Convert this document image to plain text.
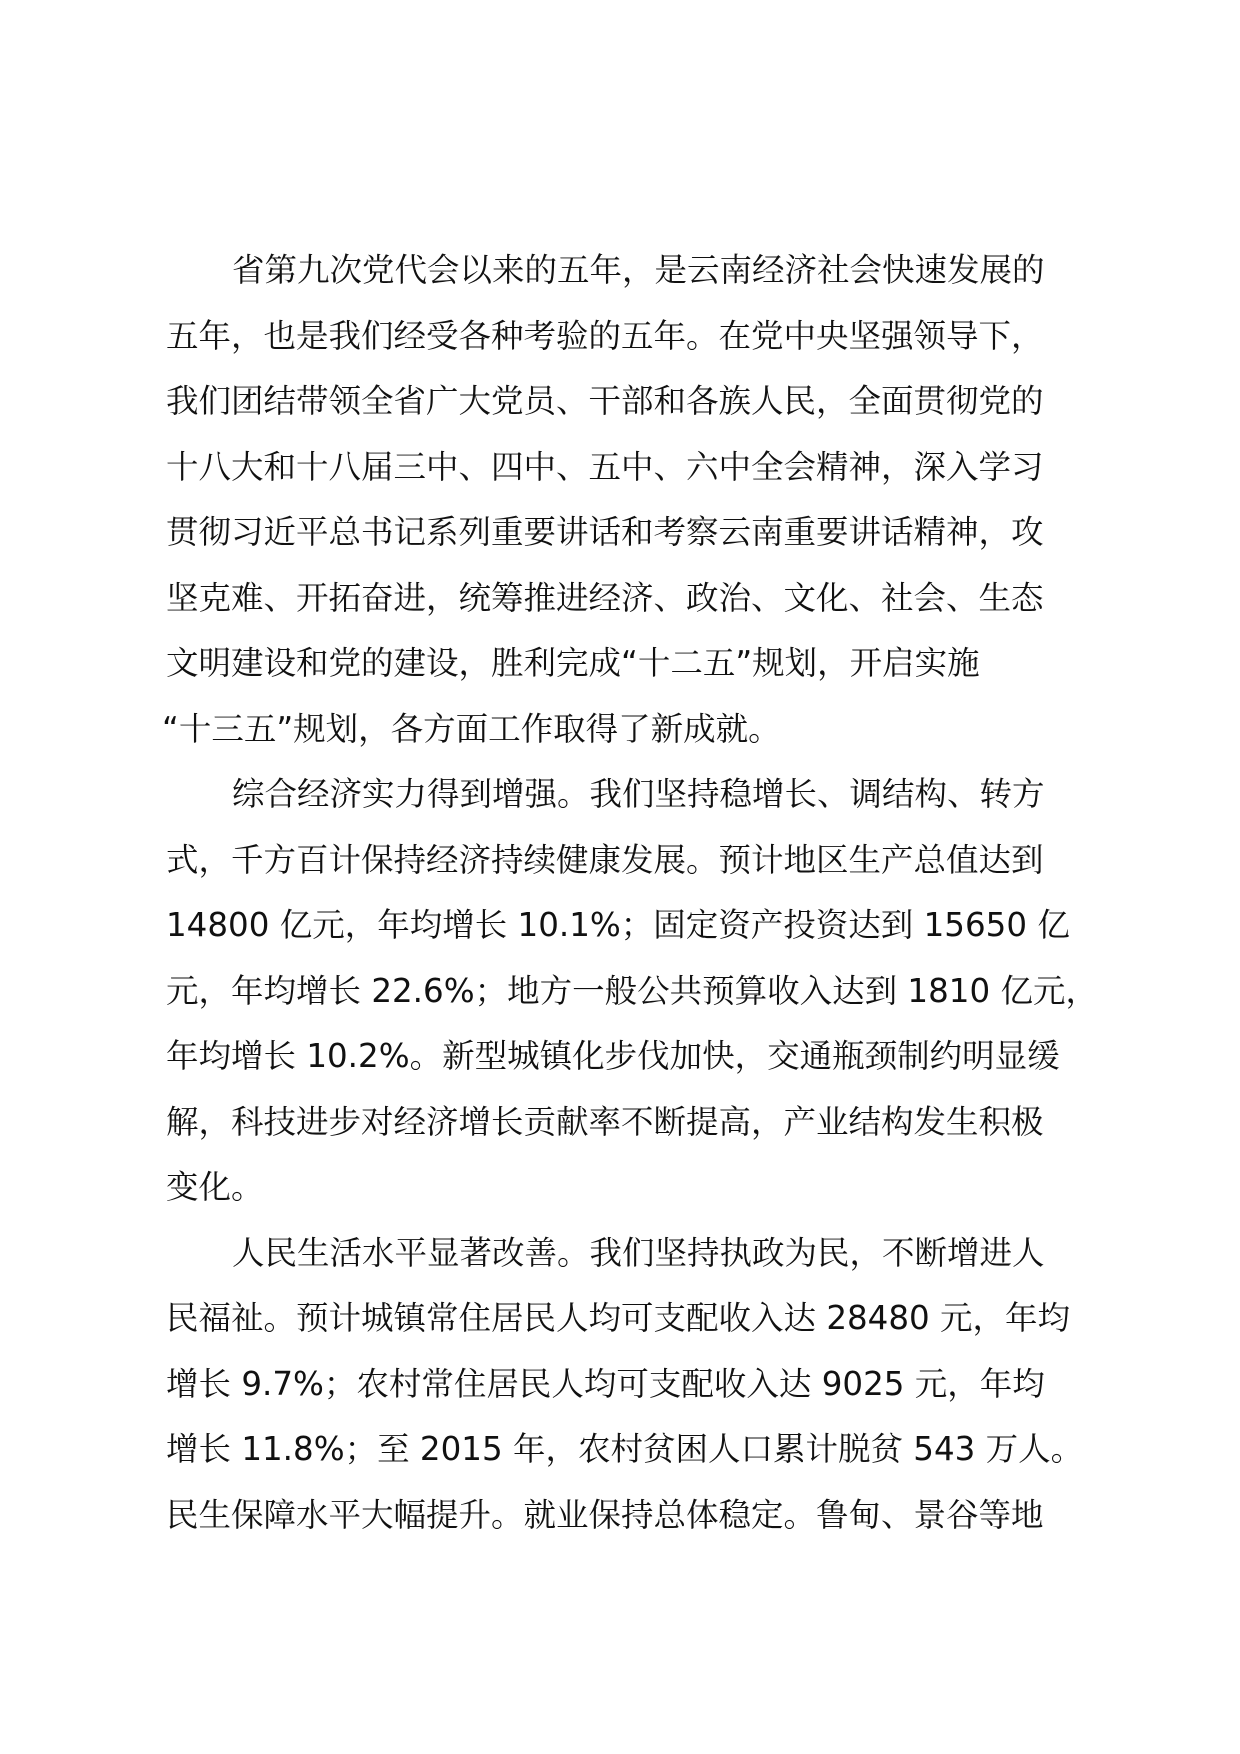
省第九次党代会以来的五年，是云南经济社会快速发展的
五年，也是我们经受各种考验的五年。在党中央坚强领导下，
我们团结带领全省广大党员、干部和各族人民，全面贯彻党的
十八大和十八届三中、四中、五中、六中全会精神，深入学习
贯彻习近平总书记系列重要讲话和考察云南重要讲话精神，攻
坚克难、开拓奋进，统筹推进经济、政治、文化、社会、生态
文明建设和党的建设，胜利完成“十二五”规划，开启实施
“十三五”规划，各方面工作取得了新成就。
综合经济实力得到增强。我们坚持稳增长、调结构、转方
式，千方百计保持经济持续健康发展。预计地区生产总值达到
14800 亿元，年均增长 10.1%；固定资产投资达到 15650 亿
元，年均增长 22.6%；地方一般公共预算收入达到 1810 亿元，
年均增长 10.2%。新型城镇化步伐加快，交通瓶颈制约明显缓
解，科技进步对经济增长贡献率不断提高，产业结构发生积极
变化。
人民生活水平显著改善。我们坚持执政为民，不断增进人
民福祉。预计城镇常住居民人均可支配收入达 28480 元，年均
增长 9.7%；农村常住居民人均可支配收入达 9025 元，年均
增长 11.8%；至 2015 年，农村贫困人口累计脱贫 543 万人。
民生保障水平大幅提升。就业保持总体稳定。鲁甸、景谷等地
